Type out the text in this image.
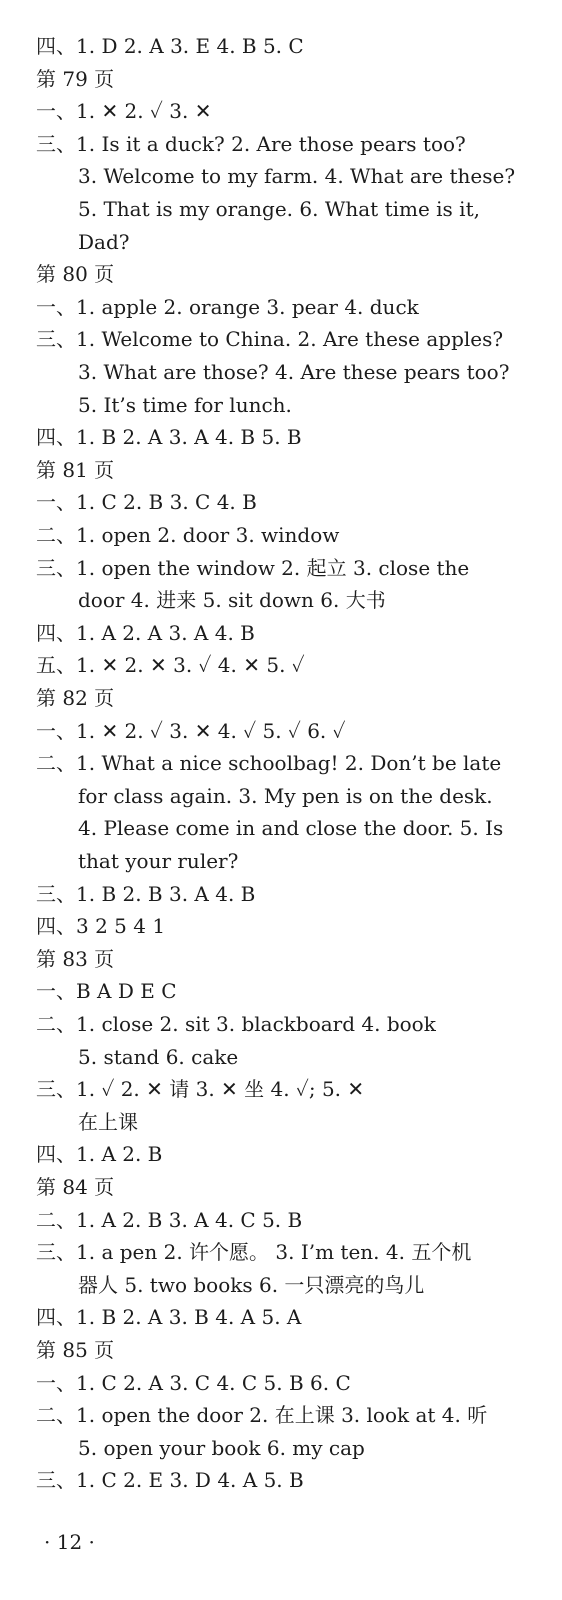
四、1. D 2. A 3. E 4. B 5. C
第 79 页
一、1. ✕ 2. ✓ 3. ✕
三、1. Is it a duck? 2. Are those pears too?
3. Welcome to my farm. 4. What are these?
5. That is my orange. 6. What time is it,
Dad?
第 80 页
一、1. apple 2. orange 3. pear 4. duck
三、1. Welcome to China. 2. Are these apples?
3. What are those? 4. Are these pears too?
5. It’s time for lunch.
四、1. B 2. A 3. A 4. B 5. B
第 81 页
一、1. C 2. B 3. C 4. B
二、1. open 2. door 3. window
三、1. open the window 2. 起立 3. close the
door 4. 进来 5. sit down 6. 大书
四、1. A 2. A 3. A 4. B
五、1. ✕ 2. ✕ 3. ✓ 4. ✕ 5. ✓
第 82 页
一、1. ✕ 2. ✓ 3. ✕ 4. ✓ 5. ✓ 6. ✓
二、1. What a nice schoolbag! 2. Don’t be late
for class again. 3. My pen is on the desk.
4. Please come in and close the door. 5. Is
that your ruler?
三、1. B 2. B 3. A 4. B
四、3 2 5 4 1
第 83 页
一、B A D E C
二、1. close 2. sit 3. blackboard 4. book
5. stand 6. cake
三、1. ✓ 2. ✕ 请 3. ✕ 坐 4. ✓; 5. ✕
在上课
四、1. A 2. B
第 84 页
二、1. A 2. B 3. A 4. C 5. B
三、1. a pen 2. 许个愿。 3. I’m ten. 4. 五个机
器人 5. two books 6. 一只漂亮的鸟儿
四、1. B 2. A 3. B 4. A 5. A
第 85 页
一、1. C 2. A 3. C 4. C 5. B 6. C
二、1. open the door 2. 在上课 3. look at 4. 听
5. open your book 6. my cap
三、1. C 2. E 3. D 4. A 5. B
· 12 ·
